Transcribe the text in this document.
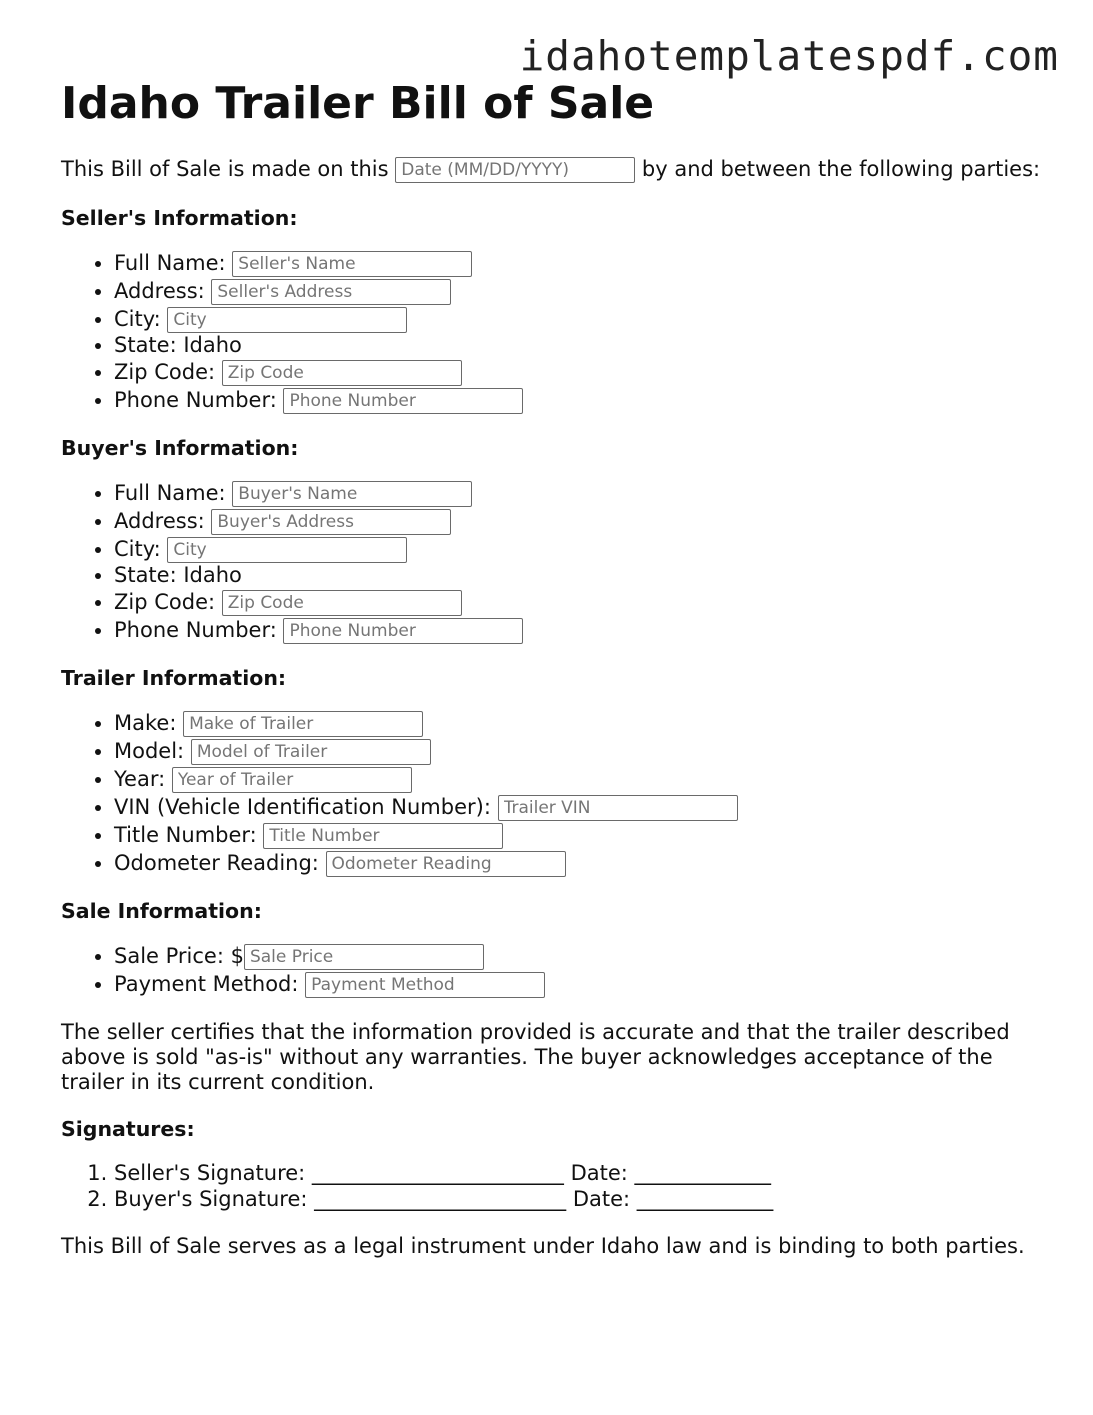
idahotemplatespdf.com
Idaho Trailer Bill of Sale

This Bill of Sale is made on this Date (MM/DD/YYYY)	by and between the following parties:

Seller's Information:
• Full Name: Seller's Name
• Address: Seller's Address
• City: City
• State: Idaho
• Zip Code: Zip Code
• Phone Number: Phone Number
Buyer's Information:
• Full Name: Buyer's Name
• Address: Buyer's Address
• City: City
• State: Idaho
• Zip Code: Zip Code
• Phone Number: Phone Number
Trailer Information:
• Make: Make of Trailer
• Model: Model of Trailer
• Year: Year of Trailer
• VIN (Vehicle Identification Number): Trailer VIN
• Title Number: Title Number
• Odometer Reading: Odometer Reading
Sale Information:
• Sale Price: $Sale Price
• Payment Method: Payment Method

The seller certifies that the information provided is accurate and that the trailer described above is sold "as-is" without any warranties. The buyer acknowledges acceptance of the trailer in its current condition.

Signatures:
1. Seller's Signature: ________________________ Date: _____________
2. Buyer's Signature: ________________________ Date: _____________

This Bill of Sale serves as a legal instrument under Idaho law and is binding to both parties.
